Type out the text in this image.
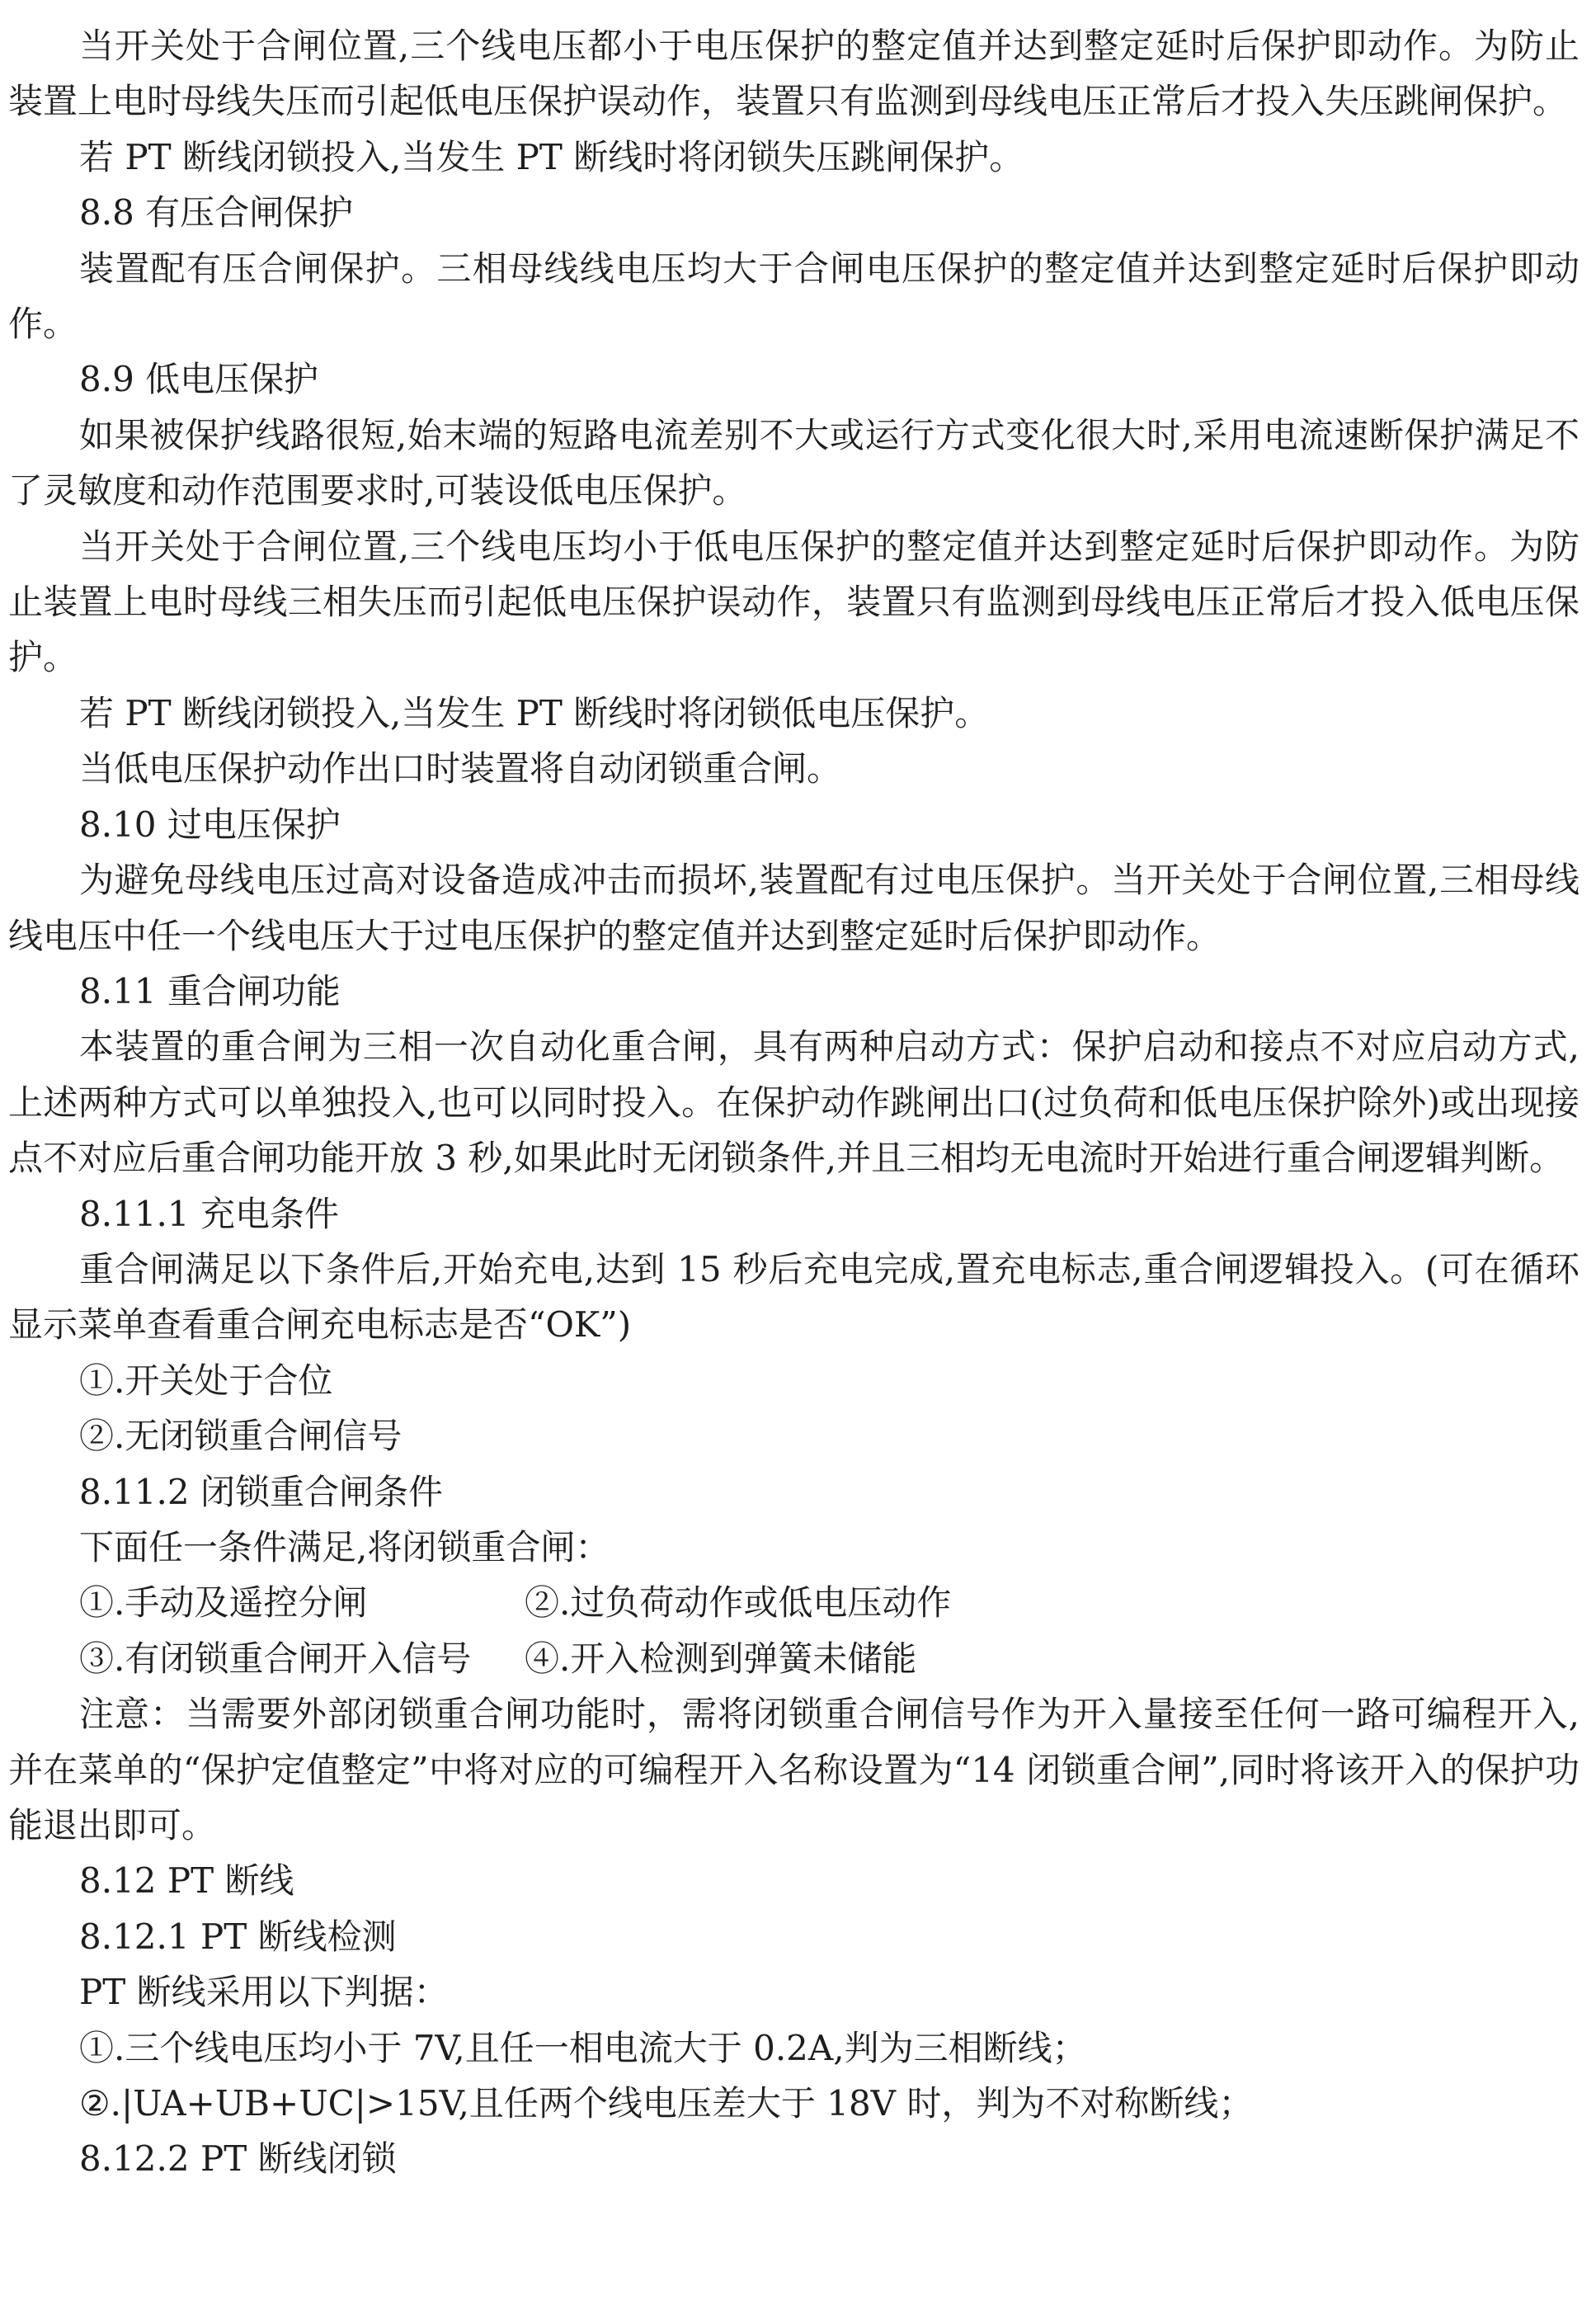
当开关处于合闸位置,三个线电压都小于电压保护的整定值并达到整定延时后保护即动作。为防止装置上电时母线失压而引起低电压保护误动作，装置只有监测到母线电压正常后才投入失压跳闸保护。

若 PT 断线闭锁投入,当发生 PT 断线时将闭锁失压跳闸保护。

8.8 有压合闸保护

装置配有压合闸保护。三相母线线电压均大于合闸电压保护的整定值并达到整定延时后保护即动作。

8.9 低电压保护

如果被保护线路很短,始末端的短路电流差别不大或运行方式变化很大时,采用电流速断保护满足不了灵敏度和动作范围要求时,可装设低电压保护。

当开关处于合闸位置,三个线电压均小于低电压保护的整定值并达到整定延时后保护即动作。为防止装置上电时母线三相失压而引起低电压保护误动作，装置只有监测到母线电压正常后才投入低电压保护。

若 PT 断线闭锁投入,当发生 PT 断线时将闭锁低电压保护。

当低电压保护动作出口时装置将自动闭锁重合闸。

8.10 过电压保护

为避免母线电压过高对设备造成冲击而损坏,装置配有过电压保护。当开关处于合闸位置,三相母线线电压中任一个线电压大于过电压保护的整定值并达到整定延时后保护即动作。

8.11 重合闸功能

本装置的重合闸为三相一次自动化重合闸，具有两种启动方式：保护启动和接点不对应启动方式,上述两种方式可以单独投入,也可以同时投入。在保护动作跳闸出口(过负荷和低电压保护除外)或出现接点不对应后重合闸功能开放 3 秒,如果此时无闭锁条件,并且三相均无电流时开始进行重合闸逻辑判断。

8.11.1 充电条件

重合闸满足以下条件后,开始充电,达到 15 秒后充电完成,置充电标志,重合闸逻辑投入。(可在循环显示菜单查看重合闸充电标志是否“OK”)

①.开关处于合位

②.无闭锁重合闸信号

8.11.2 闭锁重合闸条件

下面任一条件满足,将闭锁重合闸：

①.手动及遥控分闸	②.过负荷动作或低电压动作
③.有闭锁重合闸开入信号	④.开入检测到弹簧未储能

注意：当需要外部闭锁重合闸功能时，需将闭锁重合闸信号作为开入量接至任何一路可编程开入,并在菜单的“保护定值整定”中将对应的可编程开入名称设置为“14 闭锁重合闸”,同时将该开入的保护功能退出即可。

8.12 PT 断线

8.12.1 PT 断线检测

PT 断线采用以下判据：

①.三个线电压均小于 7V,且任一相电流大于 0.2A,判为三相断线；

②.|UA+UB+UC|>15V,且任两个线电压差大于 18V 时，判为不对称断线；

8.12.2 PT 断线闭锁
